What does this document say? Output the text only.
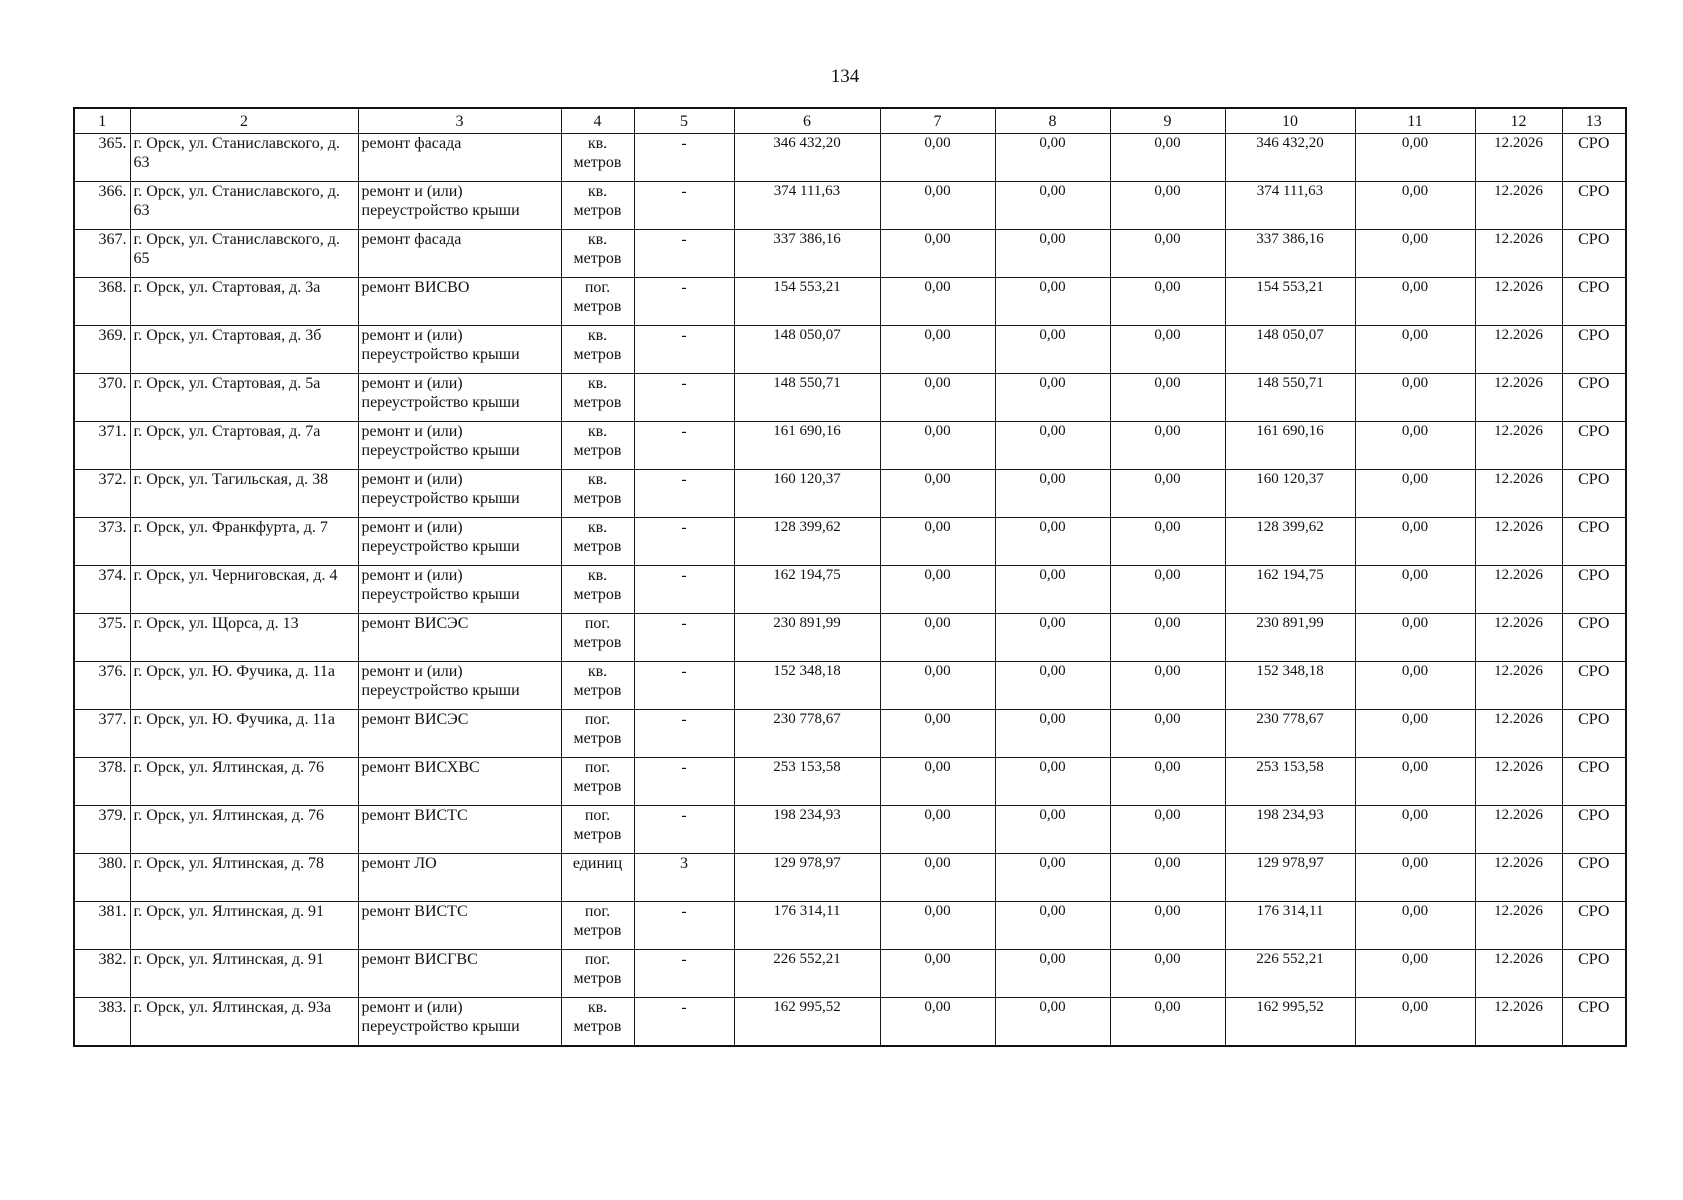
134
1	2	3	4	5	6	7	8	9	10	11	12	13
365.	г. Орск, ул. Станиславского, д. 63	ремонт фасада	кв. метров	-	346 432,20	0,00	0,00	0,00	346 432,20	0,00	12.2026	СРО
366.	г. Орск, ул. Станиславского, д. 63	ремонт и (или) переустройство крыши	кв. метров	-	374 111,63	0,00	0,00	0,00	374 111,63	0,00	12.2026	СРО
367.	г. Орск, ул. Станиславского, д. 65	ремонт фасада	кв. метров	-	337 386,16	0,00	0,00	0,00	337 386,16	0,00	12.2026	СРО
368.	г. Орск, ул. Стартовая, д. 3а	ремонт ВИСВО	пог. метров	-	154 553,21	0,00	0,00	0,00	154 553,21	0,00	12.2026	СРО
369.	г. Орск, ул. Стартовая, д. 3б	ремонт и (или) переустройство крыши	кв. метров	-	148 050,07	0,00	0,00	0,00	148 050,07	0,00	12.2026	СРО
370.	г. Орск, ул. Стартовая, д. 5а	ремонт и (или) переустройство крыши	кв. метров	-	148 550,71	0,00	0,00	0,00	148 550,71	0,00	12.2026	СРО
371.	г. Орск, ул. Стартовая, д. 7а	ремонт и (или) переустройство крыши	кв. метров	-	161 690,16	0,00	0,00	0,00	161 690,16	0,00	12.2026	СРО
372.	г. Орск, ул. Тагильская, д. 38	ремонт и (или) переустройство крыши	кв. метров	-	160 120,37	0,00	0,00	0,00	160 120,37	0,00	12.2026	СРО
373.	г. Орск, ул. Франкфурта, д. 7	ремонт и (или) переустройство крыши	кв. метров	-	128 399,62	0,00	0,00	0,00	128 399,62	0,00	12.2026	СРО
374.	г. Орск, ул. Черниговская, д. 4	ремонт и (или) переустройство крыши	кв. метров	-	162 194,75	0,00	0,00	0,00	162 194,75	0,00	12.2026	СРО
375.	г. Орск, ул. Щорса, д. 13	ремонт ВИСЭС	пог. метров	-	230 891,99	0,00	0,00	0,00	230 891,99	0,00	12.2026	СРО
376.	г. Орск, ул. Ю. Фучика, д. 11а	ремонт и (или) переустройство крыши	кв. метров	-	152 348,18	0,00	0,00	0,00	152 348,18	0,00	12.2026	СРО
377.	г. Орск, ул. Ю. Фучика, д. 11а	ремонт ВИСЭС	пог. метров	-	230 778,67	0,00	0,00	0,00	230 778,67	0,00	12.2026	СРО
378.	г. Орск, ул. Ялтинская, д. 76	ремонт ВИСХВС	пог. метров	-	253 153,58	0,00	0,00	0,00	253 153,58	0,00	12.2026	СРО
379.	г. Орск, ул. Ялтинская, д. 76	ремонт ВИСТС	пог. метров	-	198 234,93	0,00	0,00	0,00	198 234,93	0,00	12.2026	СРО
380.	г. Орск, ул. Ялтинская, д. 78	ремонт ЛО	единиц	3	129 978,97	0,00	0,00	0,00	129 978,97	0,00	12.2026	СРО
381.	г. Орск, ул. Ялтинская, д. 91	ремонт ВИСТС	пог. метров	-	176 314,11	0,00	0,00	0,00	176 314,11	0,00	12.2026	СРО
382.	г. Орск, ул. Ялтинская, д. 91	ремонт ВИСГВС	пог. метров	-	226 552,21	0,00	0,00	0,00	226 552,21	0,00	12.2026	СРО
383.	г. Орск, ул. Ялтинская, д. 93а	ремонт и (или) переустройство крыши	кв. метров	-	162 995,52	0,00	0,00	0,00	162 995,52	0,00	12.2026	СРО
